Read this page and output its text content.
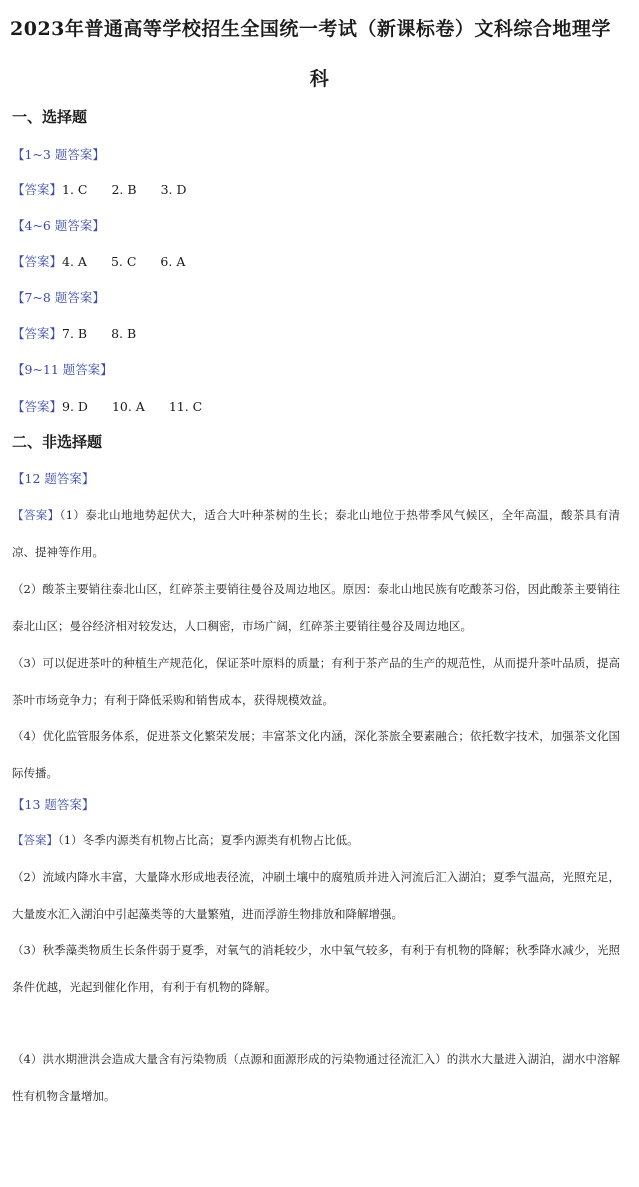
2023年普通高等学校招生全国统一考试（新课标卷）文科综合地理学
科
一、选择题
【1~3 题答案】
【答案】1. C 2. B 3. D
【4~6 题答案】
【答案】4. A 5. C 6. A
【7~8 题答案】
【答案】7. B 8. B
【9~11 题答案】
【答案】9. D 10. A 11. C
二、非选择题
【12 题答案】
【答案】（1）泰北山地地势起伏大，适合大叶种茶树的生长；泰北山地位于热带季风气候区，全年高温，酸茶具有清凉、提神等作用。
（2）酸茶主要销往泰北山区，红碎茶主要销往曼谷及周边地区。原因：泰北山地民族有吃酸茶习俗，因此酸茶主要销往泰北山区；曼谷经济相对较发达，人口稠密，市场广阔，红碎茶主要销往曼谷及周边地区。
（3）可以促进茶叶的种植生产规范化，保证茶叶原料的质量；有利于茶产品的生产的规范性，从而提升茶叶品质，提高茶叶市场竞争力；有利于降低采购和销售成本，获得规模效益。
（4）优化监管服务体系，促进茶文化繁荣发展；丰富茶文化内涵，深化茶旅全要素融合；依托数字技术，加强茶文化国际传播。
【13 题答案】
【答案】（1）冬季内源类有机物占比高；夏季内源类有机物占比低。
（2）流域内降水丰富，大量降水形成地表径流，冲刷土壤中的腐殖质并进入河流后汇入湖泊；夏季气温高，光照充足，大量废水汇入湖泊中引起藻类等的大量繁殖，进而浮游生物排放和降解增强。
（3）秋季藻类物质生长条件弱于夏季，对氧气的消耗较少，水中氧气较多，有利于有机物的降解；秋季降水减少，光照条件优越，光起到催化作用，有利于有机物的降解。
（4）洪水期泄洪会造成大量含有污染物质（点源和面源形成的污染物通过径流汇入）的洪水大量进入湖泊，湖水中溶解性有机物含量增加。
